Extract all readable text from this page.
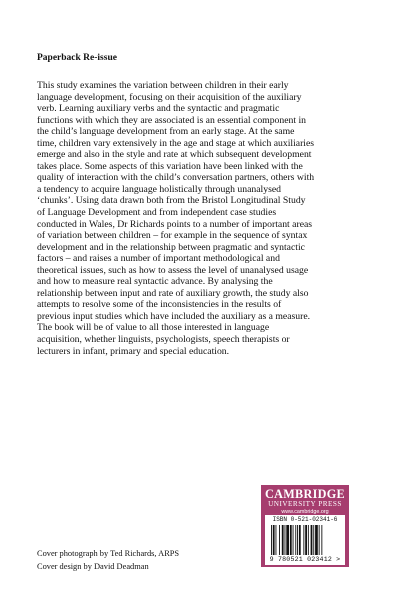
Paperback Re-issue

This study examines the variation between children in their early
language development, focusing on their acquisition of the auxiliary
verb. Learning auxiliary verbs and the syntactic and pragmatic
functions with which they are associated is an essential component in
the child’s language development from an early stage. At the same
time, children vary extensively in the age and stage at which auxiliaries
emerge and also in the style and rate at which subsequent development
takes place. Some aspects of this variation have been linked with the
quality of interaction with the child’s conversation partners, others with
a tendency to acquire language holistically through unanalysed
‘chunks’. Using data drawn both from the Bristol Longitudinal Study
of Language Development and from independent case studies
conducted in Wales, Dr Richards points to a number of important areas
of variation between children – for example in the sequence of syntax
development and in the relationship between pragmatic and syntactic
factors – and raises a number of important methodological and
theoretical issues, such as how to assess the level of unanalysed usage
and how to measure real syntactic advance. By analysing the
relationship between input and rate of auxiliary growth, the study also
attempts to resolve some of the inconsistencies in the results of
previous input studies which have included the auxiliary as a measure.
The book will be of value to all those interested in language
acquisition, whether linguists, psychologists, speech therapists or
lecturers in infant, primary and special education.

CAMBRIDGE
UNIVERSITY PRESS
www.cambridge.org
ISBN 0-521-02341-6
9 780521 023412 >
Cover photograph by Ted Richards, ARPS
Cover design by David Deadman
